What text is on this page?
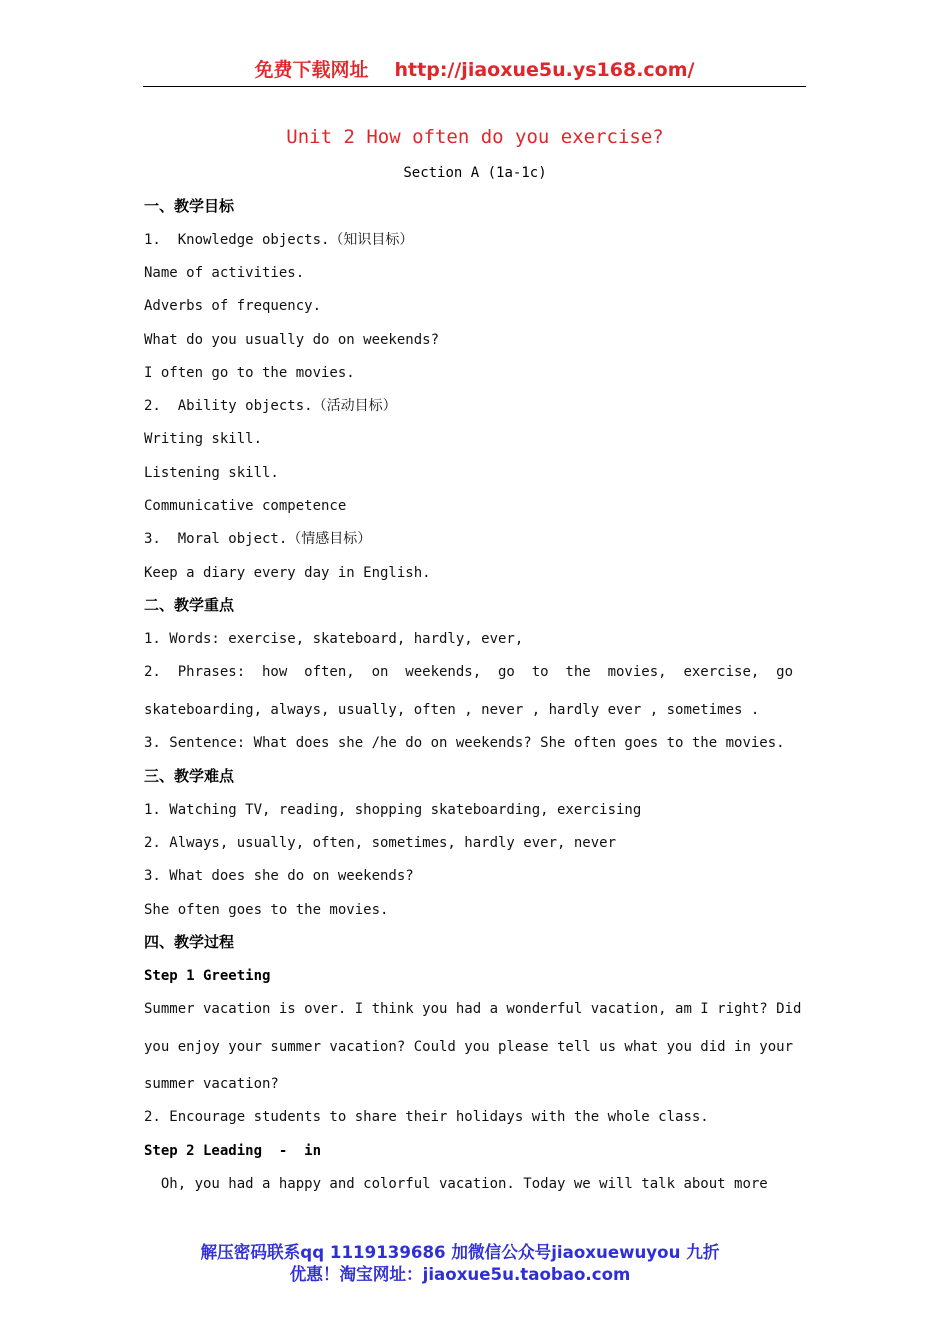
免费下载网址 http://jiaoxue5u.ys168.com/
Unit 2 How often do you exercise?
Section A (1a-1c)
一、教学目标
1.  Knowledge objects.（知识目标）
Name of activities.
Adverbs of frequency.
What do you usually do on weekends?
I often go to the movies.
2.  Ability objects.（活动目标）
Writing skill.
Listening skill.
Communicative competence
3.  Moral object.（情感目标）
Keep a diary every day in English.
二、教学重点
1. Words: exercise, skateboard, hardly, ever,
2.  Phrases:  how  often,  on  weekends,  go  to  the  movies,  exercise,  go
skateboarding, always, usually, often , never , hardly ever , sometimes .
3. Sentence: What does she /he do on weekends? She often goes to the movies.
三、教学难点
1. Watching TV, reading, shopping skateboarding, exercising
2. Always, usually, often, sometimes, hardly ever, never
3. What does she do on weekends?
She often goes to the movies.
四、教学过程
Step 1 Greeting
Summer vacation is over. I think you had a wonderful vacation, am I right? Did
you enjoy your summer vacation? Could you please tell us what you did in your
summer vacation?
2. Encourage students to share their holidays with the whole class.
Step 2 Leading  -  in
Oh, you had a happy and colorful vacation. Today we will talk about more
解压密码联系qq 1119139686 加微信公众号jiaoxuewuyou 九折
优惠！淘宝网址：jiaoxue5u.taobao.com
